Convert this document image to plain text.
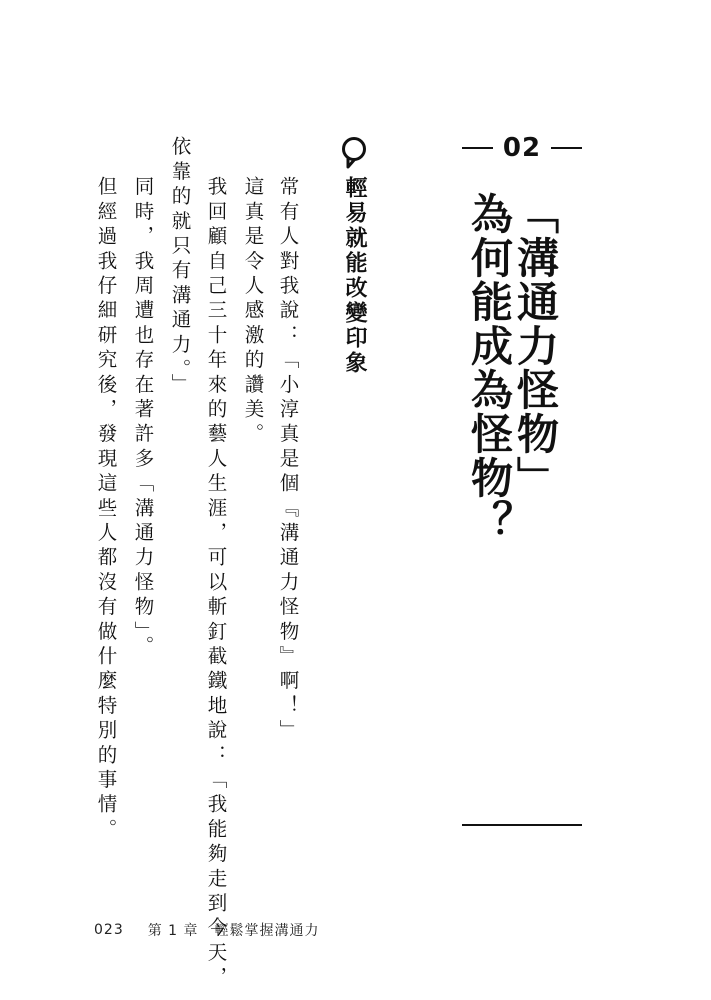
02
「溝通力怪物」
為何能成為怪物？
輕易就能改變印象
常有人對我說：「小淳真是個『溝通力怪物』啊！」
這真是令人感激的讚美。
我回顧自己三十年來的藝人生涯，可以斬釘截鐵地說：「我能夠走到今天，
依靠的就只有溝通力。」
同時，我周遭也存在著許多「溝通力怪物」。
但經過我仔細研究後，發現這些人都沒有做什麼特別的事情。
023 第 1 章 輕鬆掌握溝通力
